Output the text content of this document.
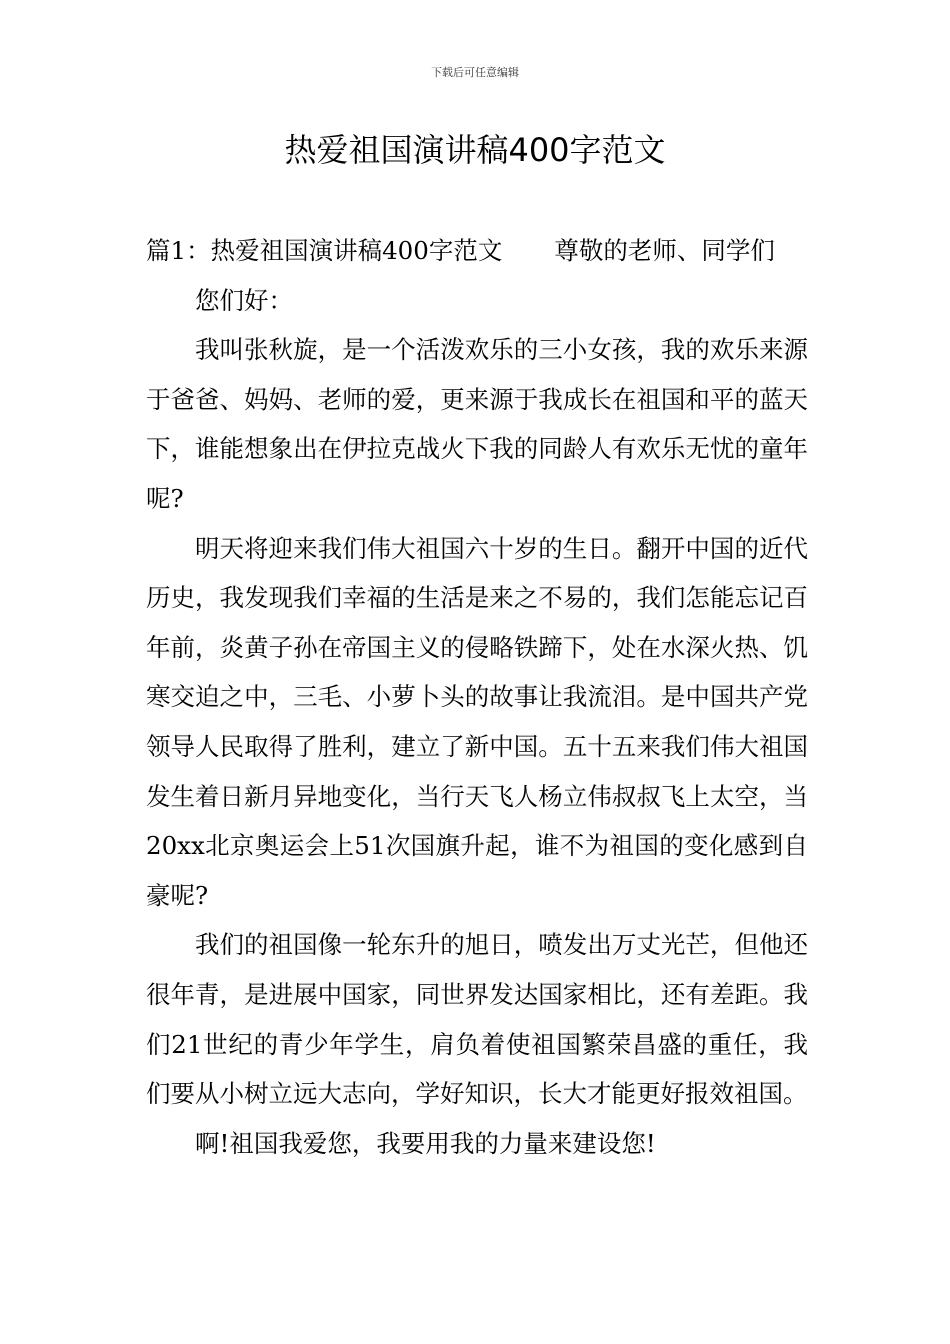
下载后可任意编辑
热爱祖国演讲稿400字范文

篇1：热爱祖国演讲稿400字范文 尊敬的老师、同学们

您们好：

我叫张秋旋，是一个活泼欢乐的三小女孩，我的欢乐来源于爸爸、妈妈、老师的爱，更来源于我成长在祖国和平的蓝天下，谁能想象出在伊拉克战火下我的同龄人有欢乐无忧的童年呢?

明天将迎来我们伟大祖国六十岁的生日。翻开中国的近代历史，我发现我们幸福的生活是来之不易的，我们怎能忘记百年前，炎黄子孙在帝国主义的侵略铁蹄下，处在水深火热、饥寒交迫之中，三毛、小萝卜头的故事让我流泪。是中国共产党领导人民取得了胜利，建立了新中国。五十五来我们伟大祖国发生着日新月异地变化，当行天飞人杨立伟叔叔飞上太空，当20xx北京奥运会上51次国旗升起，谁不为祖国的变化感到自豪呢?

我们的祖国像一轮东升的旭日，喷发出万丈光芒，但他还很年青，是进展中国家，同世界发达国家相比，还有差距。我们21世纪的青少年学生，肩负着使祖国繁荣昌盛的重任，我们要从小树立远大志向，学好知识，长大才能更好报效祖国。

啊!祖国我爱您，我要用我的力量来建设您!
